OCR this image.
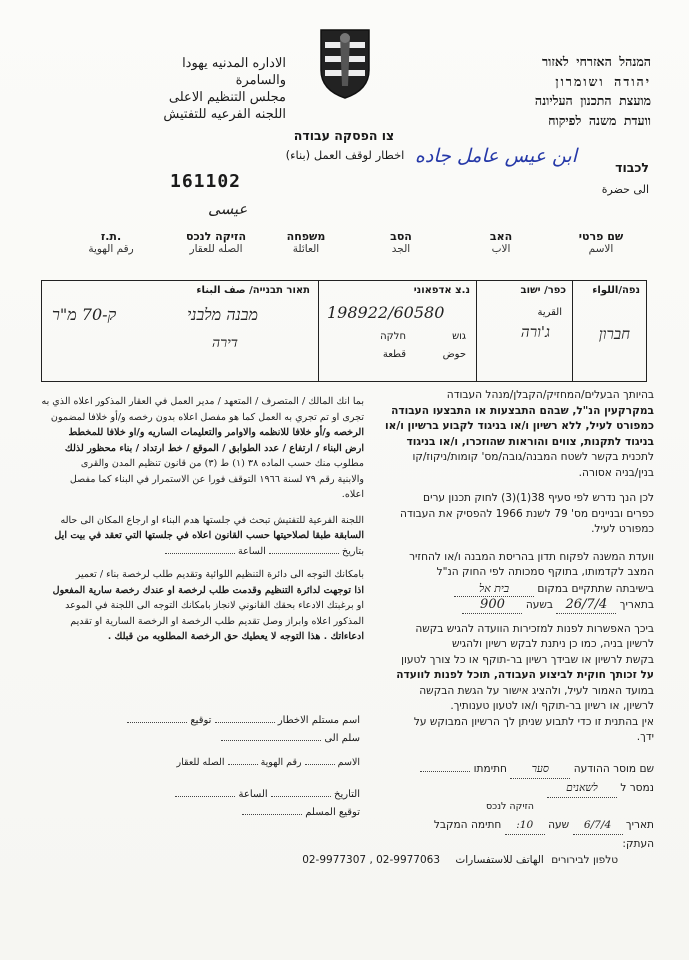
המנהל האזרחי לאזור
יהודה ושומרון
מועצת התכנון העליונה
וועדת משנה לפיקוח
الاداره المدنيه يهودا
والسامرة
مجلس التنظيم الاعلى
اللجنه الفرعيه للتفتيش
צו הפסקה עבודה
اخطار لوقف العمل (بناء)
161102
לכבוד
الى حضرة
ابن عيس عامل جاده
ﻋﻴﺴﻰ
שם פרטי
الاسم
האב
الاب
הסב
الجد
משפחה
العائلة
הזיקה לנכס
الصله للعقار
ת.ז.
رقم الهوية
תאור תבנייה/ صف البناء
מבנה מלבני
ק-70 מ"ר
דירה
נ.צ אדפאוני
198922/60580
גוש
חלקה
حوض
قطعة
כפר/ ישוב
القرية
ג'ורה
נפה/اللواء
חברון
בהיותך הבעלים/המחזיק/הקבלן/מנהל העבודה
במקרקעין הנ"ל, שבהם התבצעות או התבצעו העבודה
כמפורט לעיל, ללא רשיון ו/או בניגוד לקבוע ברשיון ו/או
בניגוד לתקנות, צווים והוראות שהוזכרו, ו/או בניגוד
לתכנית בקשר לשטח המבנה/גובה/מס' קומות/ניקוז/קו
בנין/בניה אסורה.
לכן הנך נדרש לפי סעיף 38(1)(3) לחוק תכנון ערים
כפרים ובניינים מס' 79 לשנת 1966 להפסיק את העבודה
כמפורט לעיל.
וועדת המשנה לפקוח תדון בהריסת המבנה ו/או להחזיר
המצב לקדמותו, בתוקף סמכותה לפי החוק הנ"ל
בישיבתה שתתקיים במקום בית אל
בתאריך 26/7/4 בשעה 900
ביכך האפשרות לפנות למזכירות הוועדה להגיש בקשה
לרשיון בניה, כמו כן ניתנת לבקש רשיון ולהגיש
בקשת לרשיון או שבידך רשיון בר-תוקף או כל צורך לטעון
על זכותך חוקית לביצוע העבודה, תוכל לפנות לוועדה
במועד האמור לעיל, ולהציג אישור על הגשת הבקשה
לרשיון, או רשיון בר-תוקף ו/או לטעון טענותיך.
אין בהתנית זו כדי לתבוע שניתן לך הרשיון המבוקש על
ידך.
بما انك المالك / المتصرف / المتعهد / مدير العمل في العقار المذكور اعلاه الذي به
تجرى او تم تجري به العمل كما هو مفصل اعلاه بدون رخصه و/أو خلافا لمضمون
الرخصه و/أو خلافا للانظمه والاوامر والتعليمات الساريه و/او خلافا للمخطط
ارض البناء / ارتفاع / عدد الطوابق / الموقع / خط ارتداد / بناء محظور لذلك
مطلوب منك حسب الماده ٣٨ (١) ط (٣) من قانون تنظيم المدن والقرى
والابنية رقم ٧٩ لسنة ١٩٦٦ التوقف فورا عن الاستمرار في البناء كما مفصل
اعلاه.
اللجنة الفرعية للتفتيش تبحث في جلستها هدم البناء او ارجاع المكان الى حاله
السابقة طبقا لصلاحيتها حسب القانون اعلاه في جلستها التي تعقد في بيت ايل
بتاريخ  الساعة
بامكانك التوجه الى دائرة التنظيم اللوائية وتقديم طلب لرخصة بناء / تعمير
اذا توجهت لدائرة التنظيم وقدمت طلب لرخصة او عندك رخصة سارية المفعول
او برغبتك الادعاء بحقك القانوني لانجاز بامكانك التوجه الى اللجنة في الموعد
المذكور اعلاه وابراز وصل تقديم طلب الرخصة او الرخصة السارية او تقديم
ادعاءاتك . هذا التوجه لا يعطيك حق الرخصة المطلوبه من قبلك .
اسم مستلم الاخطار  توقيع
سلم الى
الاسم  رقم الهوية  الصله للعقار
التاريخ  الساعة
توقيع المسلم
שם מוסר ההודעה סער חתימתו
נמסר ל לשאנים
הזיקה לנכס
תאריך 6/7/4 שעה 10: חתימה המקבל
העתק:
טלפון לבירורים الهاتف للاستفسارات 02-9977307 , 02-9977063
